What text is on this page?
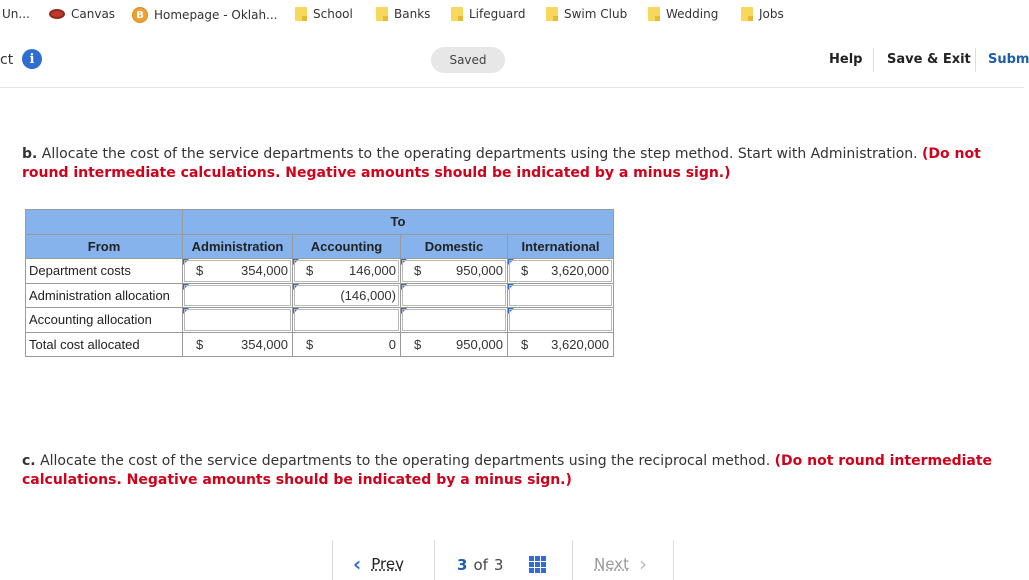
Un...	Canvas	B Homepage - Oklah...	School	Banks	Lifeguard	Swim Club	Wedding	Jobs
ct	i	Saved	Help Save & Exit Subm
b. Allocate the cost of the service departments to the operating departments using the step method. Start with Administration. (Do not round intermediate calculations. Negative amounts should be indicated by a minus sign.)
	To			
From	Administration	Accounting	Domestic	International
Department costs	$ 354,000	$ 146,000	$ 950,000	$ 3,620,000

Administration allocation		(146,000)		

Accounting allocation	

Total cost allocated	$ 354,000	$ 0	$ 950,000	$ 3,620,000
c. Allocate the cost of the service departments to the operating departments using the reciprocal method. (Do not round intermediate calculations. Negative amounts should be indicated by a minus sign.)
‹ Prev	3 of 3	Next ›
